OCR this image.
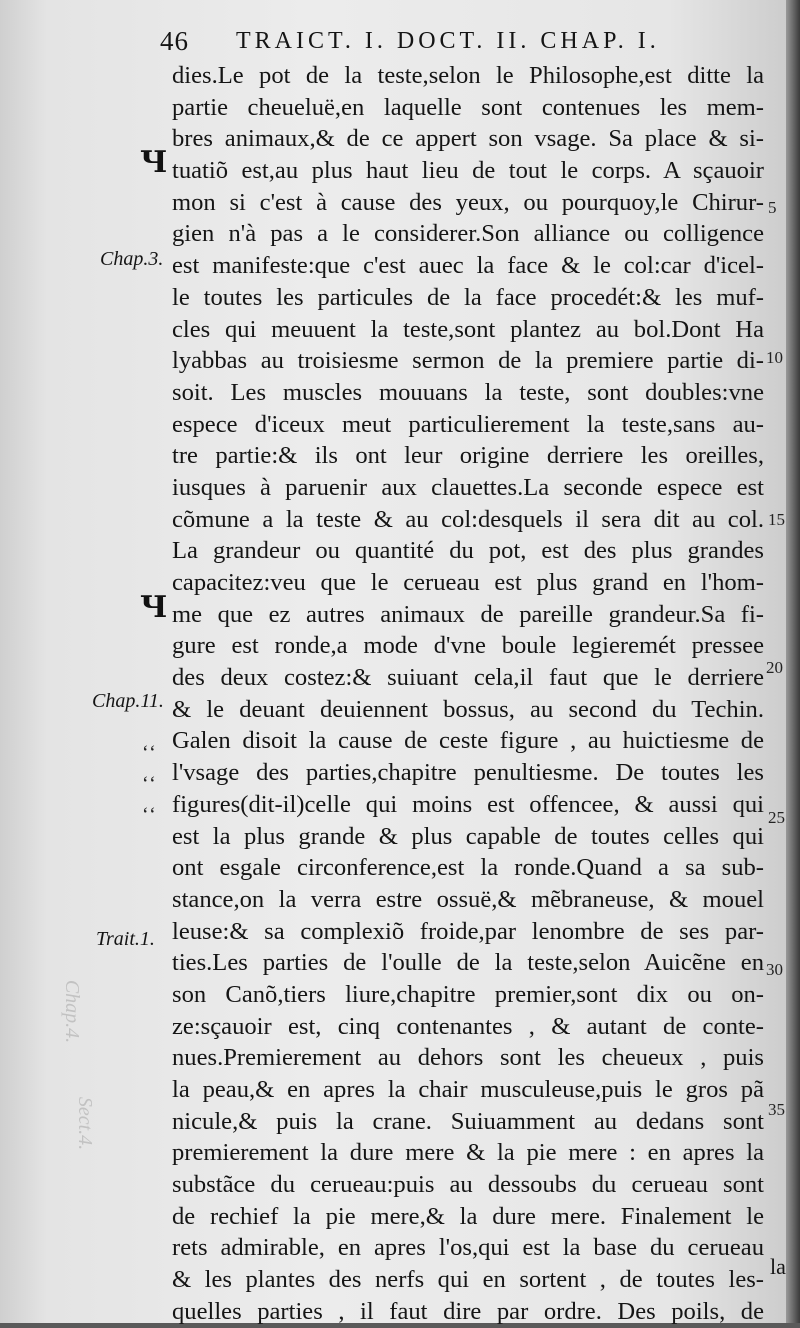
46 TRAICT. I. DOCT. II. CHAP. I.
Chap.4.
Sect.4.
Chap.3.
Chap.11.
Trait.1.
Ч
Ч
‘‘
‘‘
‘‘
5
10
15
20
25
30
35
dies.Le pot de la teste,selon le Philosophe,est ditte la
partie cheueluë,en laquelle sont contenues les mem-
bres animaux,& de ce appert son vsage. Sa place & si-
tuatiõ est,au plus haut lieu de tout le corps. A sçauoir
mon si c'est à cause des yeux, ou pourquoy,le Chirur-
gien n'à pas a le considerer.Son alliance ou colligence
est manifeste:que c'est auec la face & le col:car d'icel-
le toutes les particules de la face procedét:& les muf-
cles qui meuuent la teste,sont plantez au bol.Dont Ha
lyabbas au troisiesme sermon de la premiere partie di-
soit. Les muscles mouuans la teste, sont doubles:vne
espece d'iceux meut particulierement la teste,sans au-
tre partie:& ils ont leur origine derriere les oreilles,
iusques à paruenir aux clauettes.La seconde espece est
cõmune a la teste & au col:desquels il sera dit au col.
La grandeur ou quantité du pot, est des plus grandes
capacitez:veu que le cerueau est plus grand en l'hom-
me que ez autres animaux de pareille grandeur.Sa fi-
gure est ronde,a mode d'vne boule legieremét pressee
des deux costez:& suiuant cela,il faut que le derriere
& le deuant deuiennent bossus, au second du Techin.
Galen disoit la cause de ceste figure , au huictiesme de
l'vsage des parties,chapitre penultiesme. De toutes les
figures(dit-il)celle qui moins est offencee, & aussi qui
est la plus grande & plus capable de toutes celles qui
ont esgale circonference,est la ronde.Quand a sa sub-
stance,on la verra estre ossuë,& mẽbraneuse, & mouel
leuse:& sa complexiõ froide,par lenombre de ses par-
ties.Les parties de l'oulle de la teste,selon Auicẽne en
son Canõ,tiers liure,chapitre premier,sont dix ou on-
ze:sçauoir est, cinq contenantes , & autant de conte-
nues.Premierement au dehors sont les cheueux , puis
la peau,& en apres la chair musculeuse,puis le gros pã
nicule,& puis la crane. Suiuamment au dedans sont
premierement la dure mere & la pie mere : en apres la
substãce du cerueau:puis au dessoubs du cerueau sont
de rechief la pie mere,& la dure mere. Finalement le
rets admirable, en apres l'os,qui est la base du cerueau
& les plantes des nerfs qui en sortent , de toutes les-
quelles parties , il faut dire par ordre. Des poils, de
la
